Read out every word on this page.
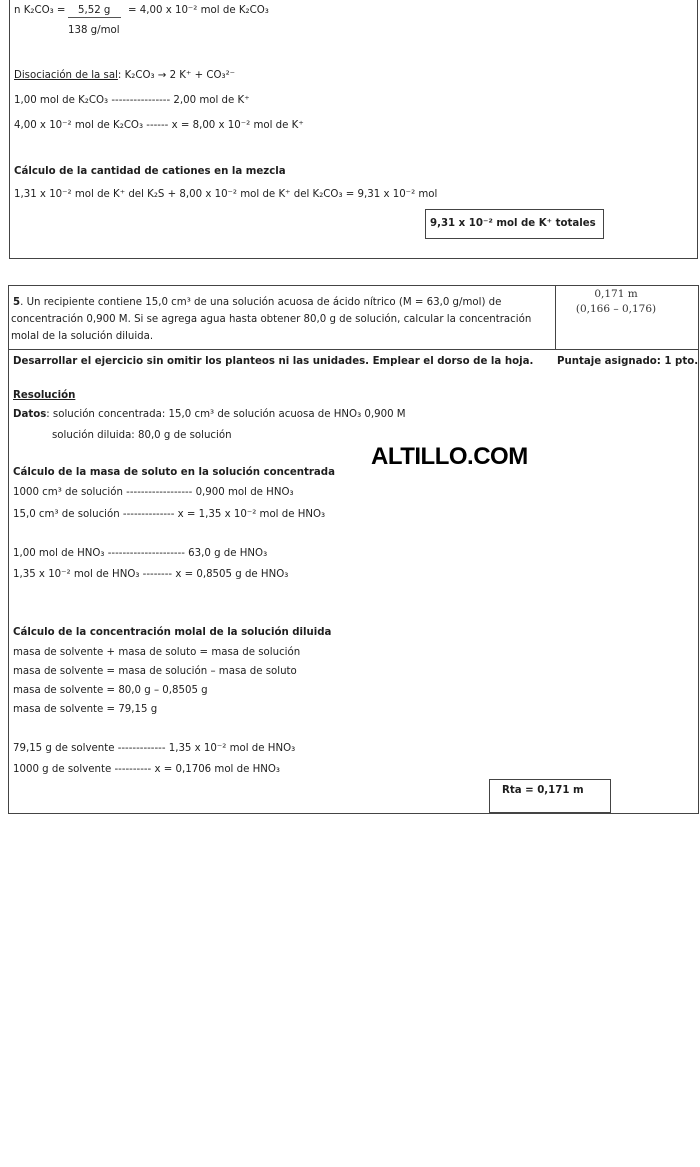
n K₂CO₃ = 5,52 g = 4,00 x 10⁻² mol de K₂CO₃
138 g/mol
Disociación de la sal: K₂CO₃ → 2 K⁺ + CO₃²⁻
1,00 mol de K₂CO₃ ---------------- 2,00 mol de K⁺
4,00 x 10⁻² mol de K₂CO₃ ------ x = 8,00 x 10⁻² mol de K⁺
Cálculo de la cantidad de cationes en la mezcla
1,31 x 10⁻² mol de K⁺ del K₂S + 8,00 x 10⁻² mol de K⁺ del K₂CO₃ = 9,31 x 10⁻² mol
9,31 x 10⁻² mol de K⁺ totales
5. Un recipiente contiene 15,0 cm³ de una solución acuosa de ácido nítrico (M = 63,0 g/mol) de
concentración 0,900 M. Si se agrega agua hasta obtener 80,0 g de solución, calcular la concentración
molal de la solución diluida.
0,171 m
(0,166 – 0,176)
Desarrollar el ejercicio sin omitir los planteos ni las unidades. Emplear el dorso de la hoja. Puntaje asignado: 1 pto.
Resolución
Datos: solución concentrada: 15,0 cm³ de solución acuosa de HNO₃ 0,900 M
solución diluida: 80,0 g de solución
ALTILLO.COM
Cálculo de la masa de soluto en la solución concentrada
1000 cm³ de solución ------------------ 0,900 mol de HNO₃
15,0 cm³ de solución -------------- x = 1,35 x 10⁻² mol de HNO₃
1,00 mol de HNO₃ --------------------- 63,0 g de HNO₃
1,35 x 10⁻² mol de HNO₃ -------- x = 0,8505 g de HNO₃
Cálculo de la concentración molal de la solución diluida
masa de solvente + masa de soluto = masa de solución
masa de solvente = masa de solución – masa de soluto
masa de solvente = 80,0 g – 0,8505 g
masa de solvente = 79,15 g
79,15 g de solvente ------------- 1,35 x 10⁻² mol de HNO₃
1000 g de solvente ---------- x = 0,1706 mol de HNO₃
Rta = 0,171 m
